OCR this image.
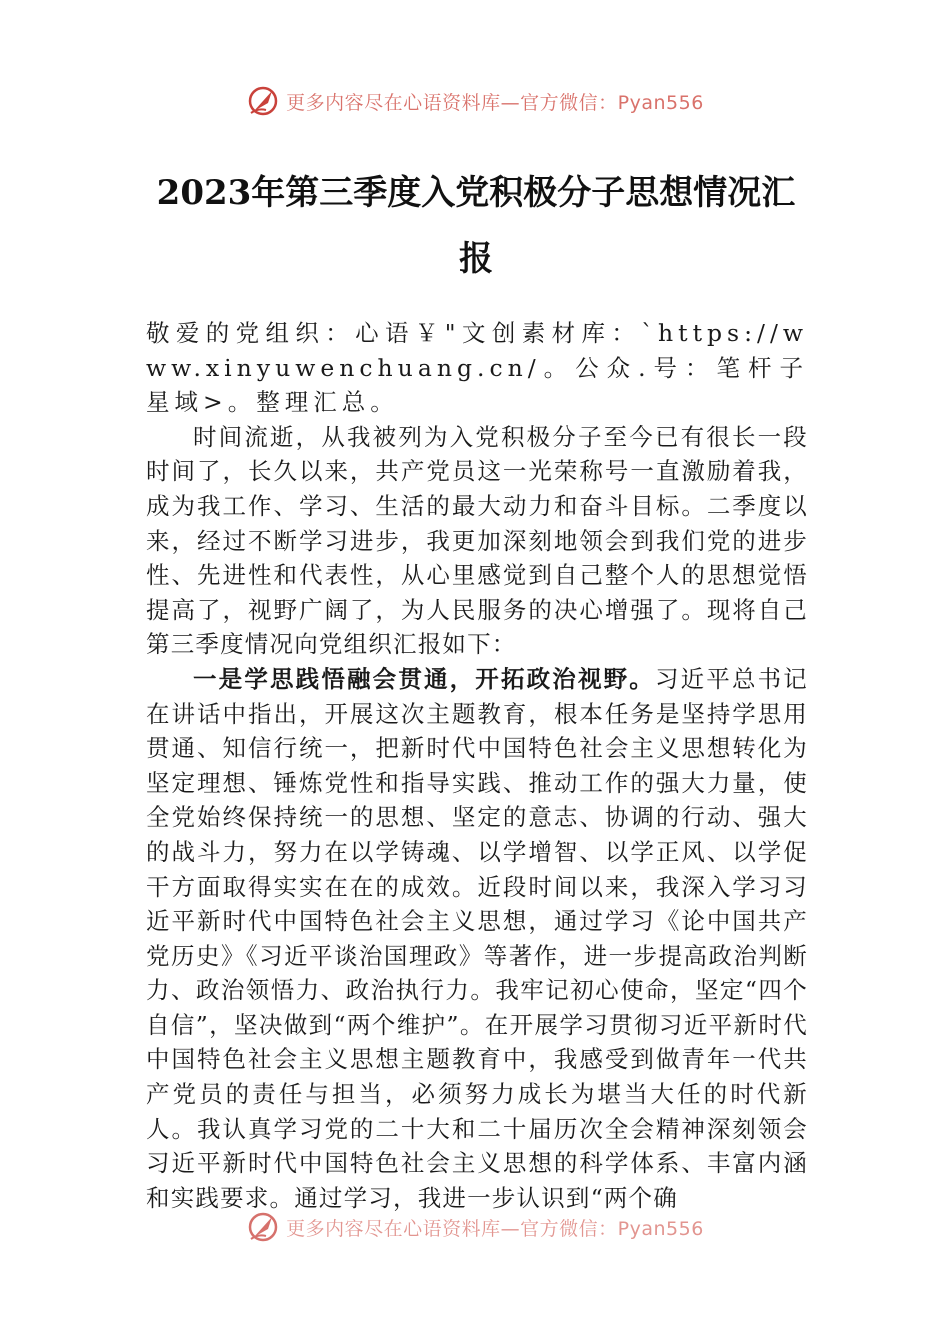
更多内容尽在心语资料库—官方微信：Pyan556
2023年第三季度入党积极分子思想情况汇报

敬爱的党组织：心语￥"文创素材库：`https://www.xinyuwenchuang.cn/。公众.号：笔杆子星域>。整理汇总。

时间流逝，从我被列为入党积极分子至今已有很长一段时间了，长久以来，共产党员这一光荣称号一直激励着我，成为我工作、学习、生活的最大动力和奋斗目标。二季度以来，经过不断学习进步，我更加深刻地领会到我们党的进步性、先进性和代表性，从心里感觉到自己整个人的思想觉悟提高了，视野广阔了，为人民服务的决心增强了。现将自己第三季度情况向党组织汇报如下：

一是学思践悟融会贯通，开拓政治视野。习近平总书记在讲话中指出，开展这次主题教育，根本任务是坚持学思用贯通、知信行统一，把新时代中国特色社会主义思想转化为坚定理想、锤炼党性和指导实践、推动工作的强大力量，使全党始终保持统一的思想、坚定的意志、协调的行动、强大的战斗力，努力在以学铸魂、以学增智、以学正风、以学促干方面取得实实在在的成效。近段时间以来，我深入学习习近平新时代中国特色社会主义思想，通过学习《论中国共产党历史》《习近平谈治国理政》等著作，进一步提高政治判断力、政治领悟力、政治执行力。我牢记初心使命，坚定“四个自信”，坚决做到“两个维护”。在开展学习贯彻习近平新时代中国特色社会主义思想主题教育中，我感受到做青年一代共产党员的责任与担当，必须努力成长为堪当大任的时代新人。我认真学习党的二十大和二十届历次全会精神深刻领会习近平新时代中国特色社会主义思想的科学体系、丰富内涵和实践要求。通过学习，我进一步认识到“两个确

更多内容尽在心语资料库—官方微信：Pyan556
